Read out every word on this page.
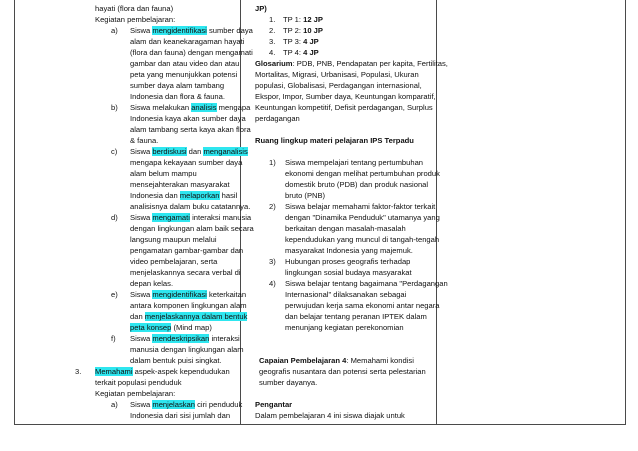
hayati (flora dan fauna)
Kegiatan pembelajaran:
a) Siswa mengidentifikasi sumber daya
alam dan keanekaragaman hayati
(flora dan fauna) dengan mengamati
gambar dan atau video dan atau
peta yang menunjukkan potensi
sumber daya alam tambang
Indonesia dan flora & fauna.
b) Siswa melakukan analisis mengapa
Indonesia kaya akan sumber daya
alam tambang serta kaya akan flora
& fauna.
c) Siswa berdiskusi dan menganalisis
mengapa kekayaan sumber daya
alam belum mampu
mensejahterakan masyarakat
Indonesia dan melaporkan hasil
analisisnya dalam buku catatannya.
d) Siswa mengamati interaksi manusia
dengan lingkungan alam baik secara
langsung maupun melalui
pengamatan gambar-gambar dan
video pembelajaran, serta
menjelaskannya secara verbal di
depan kelas.
e) Siswa mengidentifikasi keterkaitan
antara komponen lingkungan alam
dan menjelaskannya dalam bentuk
peta konsep (Mind map)
f) Siswa mendeskripsikan interaksi
manusia dengan lingkungan alam
dalam bentuk puisi singkat.
3. Memahami aspek-aspek kependudukan
terkait populasi penduduk
Kegiatan pembelajaran:
a) Siswa menjelaskan ciri penduduk
Indonesia dari sisi jumlah dan
JP)
1. TP 1: 12 JP
2. TP 2: 10 JP
3. TP 3: 4 JP
4. TP 4: 4 JP
Glosarium: PDB, PNB, Pendapatan per kapita, Fertilitas,
Mortalitas, Migrasi, Urbanisasi, Populasi, Ukuran
populasi, Globalisasi, Perdagangan internasional,
Ekspor, Impor, Sumber daya, Keuntungan komparatif,
Keuntungan kompetitif, Defisit perdagangan, Surplus
perdagangan
Ruang lingkup materi pelajaran IPS Terpadu
1) Siswa mempelajari tentang pertumbuhan
ekonomi dengan melihat pertumbuhan produk
domestik bruto (PDB) dan produk nasional
bruto (PNB)
2) Siswa belajar memahami faktor-faktor terkait
dengan "Dinamika Penduduk" utamanya yang
berkaitan dengan masalah-masalah
kependudukan yang muncul di tangah-tengah
masyarakat Indonesia yang majemuk.
3) Hubungan proses geografis terhadap
lingkungan sosial budaya masyarakat
4) Siswa belajar tentang bagaimana "Perdagangan
Internasional" dilaksanakan sebagai
perwujudan kerja sama ekonomi antar negara
dan belajar tentang peranan IPTEK dalam
menunjang kegiatan perekonomian
Capaian Pembelajaran 4: Memahami kondisi
geografis nusantara dan potensi serta pelestarian
sumber dayanya.
Pengantar
Dalam pembelajaran 4 ini siswa diajak untuk
